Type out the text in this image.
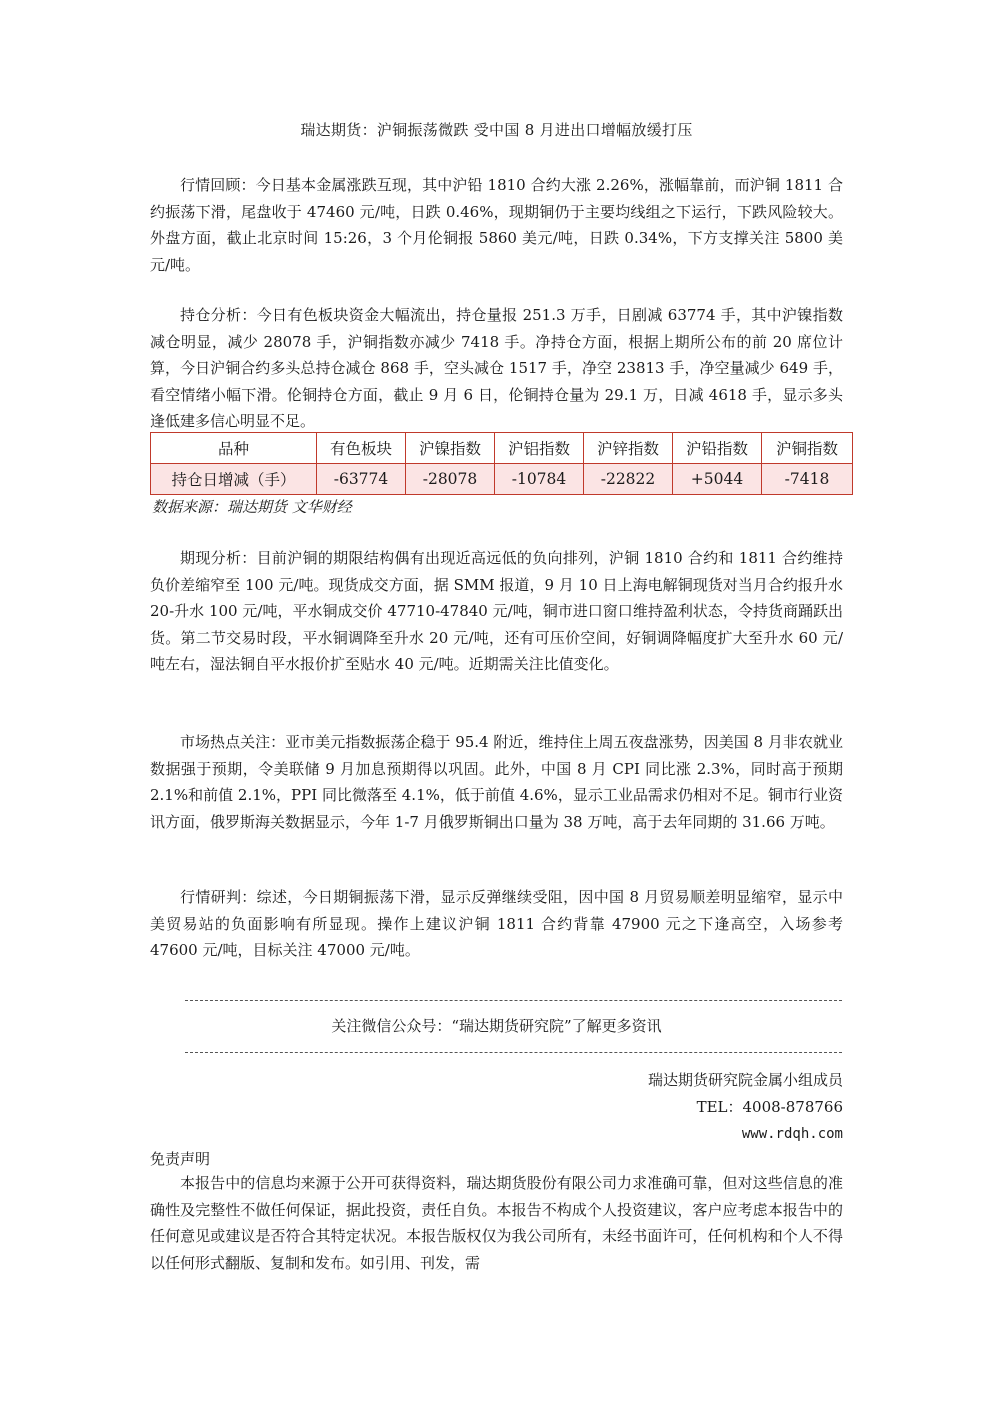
瑞达期货：沪铜振荡微跌 受中国 8 月进出口增幅放缓打压

行情回顾：今日基本金属涨跌互现，其中沪铅 1810 合约大涨 2.26%，涨幅靠前，而沪铜 1811 合约振荡下滑，尾盘收于 47460 元/吨，日跌 0.46%，现期铜仍于主要均线组之下运行，下跌风险较大。外盘方面，截止北京时间 15:26，3 个月伦铜报 5860 美元/吨，日跌 0.34%，下方支撑关注 5800 美元/吨。

持仓分析：今日有色板块资金大幅流出，持仓量报 251.3 万手，日剧减 63774 手，其中沪镍指数减仓明显，减少 28078 手，沪铜指数亦减少 7418 手。净持仓方面，根据上期所公布的前 20 席位计算，今日沪铜合约多头总持仓减仓 868 手，空头减仓 1517 手，净空 23813 手，净空量减少 649 手，看空情绪小幅下滑。伦铜持仓方面，截止 9 月 6 日，伦铜持仓量为 29.1 万，日减 4618 手，显示多头逢低建多信心明显不足。

品种	有色板块	沪镍指数	沪铝指数	沪锌指数	沪铅指数	沪铜指数
持仓日增减（手）	-63774	-28078	-10784	-22822	+5044	-7418
数据来源：瑞达期货 文华财经

期现分析：目前沪铜的期限结构偶有出现近高远低的负向排列，沪铜 1810 合约和 1811 合约维持负价差缩窄至 100 元/吨。现货成交方面，据 SMM 报道，9 月 10 日上海电解铜现货对当月合约报升水 20-升水 100 元/吨，平水铜成交价 47710-47840 元/吨，铜市进口窗口维持盈利状态，令持货商踊跃出货。第二节交易时段，平水铜调降至升水 20 元/吨，还有可压价空间，好铜调降幅度扩大至升水 60 元/吨左右，湿法铜自平水报价扩至贴水 40 元/吨。近期需关注比值变化。

市场热点关注：亚市美元指数振荡企稳于 95.4 附近，维持住上周五夜盘涨势，因美国 8 月非农就业数据强于预期，令美联储 9 月加息预期得以巩固。此外，中国 8 月 CPI 同比涨 2.3%，同时高于预期 2.1%和前值 2.1%，PPI 同比微落至 4.1%，低于前值 4.6%，显示工业品需求仍相对不足。铜市行业资讯方面，俄罗斯海关数据显示，今年 1-7 月俄罗斯铜出口量为 38 万吨，高于去年同期的 31.66 万吨。

行情研判：综述，今日期铜振荡下滑，显示反弹继续受阻，因中国 8 月贸易顺差明显缩窄，显示中美贸易站的负面影响有所显现。操作上建议沪铜 1811 合约背靠 47900 元之下逢高空，入场参考 47600 元/吨，目标关注 47000 元/吨。

关注微信公众号：“瑞达期货研究院”了解更多资讯
瑞达期货研究院金属小组成员
TEL：4008-878766
www.rdqh.com
免责声明

本报告中的信息均来源于公开可获得资料，瑞达期货股份有限公司力求准确可靠，但对这些信息的准确性及完整性不做任何保证，据此投资，责任自负。本报告不构成个人投资建议，客户应考虑本报告中的任何意见或建议是否符合其特定状况。本报告版权仅为我公司所有，未经书面许可，任何机构和个人不得以任何形式翻版、复制和发布。如引用、刊发，需
